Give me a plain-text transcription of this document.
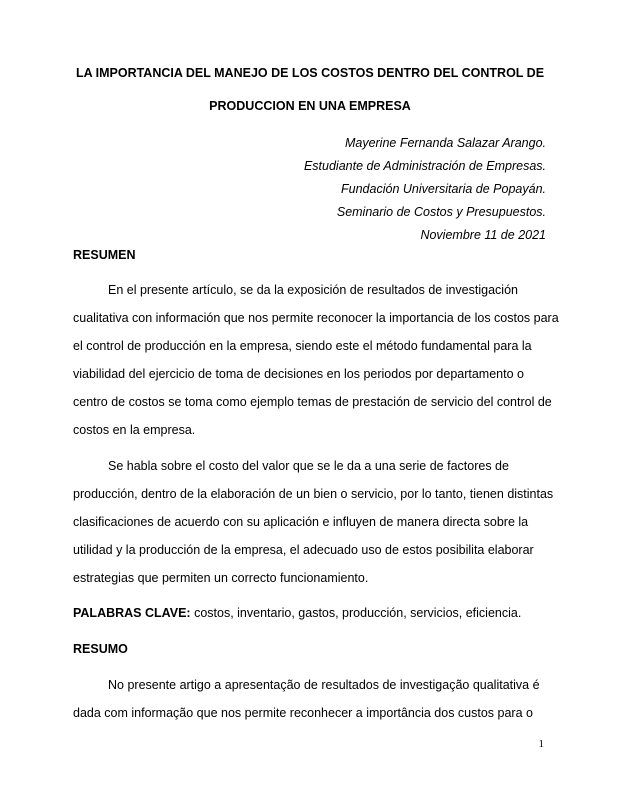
LA IMPORTANCIA DEL MANEJO DE LOS COSTOS DENTRO DEL CONTROL DE
PRODUCCION EN UNA EMPRESA
Mayerine Fernanda Salazar Arango.
Estudiante de Administración de Empresas.
Fundación Universitaria de Popayán.
Seminario de Costos y Presupuestos.
Noviembre 11 de 2021
RESUMEN
En el presente artículo, se da la exposición de resultados de investigación
cualitativa con información que nos permite reconocer la importancia de los costos para
el control de producción en la empresa, siendo este el método fundamental para la
viabilidad del ejercicio de toma de decisiones en los periodos por departamento o
centro de costos se toma como ejemplo temas de prestación de servicio del control de
costos en la empresa.
Se habla sobre el costo del valor que se le da a una serie de factores de
producción, dentro de la elaboración de un bien o servicio, por lo tanto, tienen distintas
clasificaciones de acuerdo con su aplicación e influyen de manera directa sobre la
utilidad y la producción de la empresa, el adecuado uso de estos posibilita elaborar
estrategias que permiten un correcto funcionamiento.
PALABRAS CLAVE: costos, inventario, gastos, producción, servicios, eficiencia.
RESUMO
No presente artigo a apresentação de resultados de investigação qualitativa é
dada com informação que nos permite reconhecer a importância dos custos para o
1
